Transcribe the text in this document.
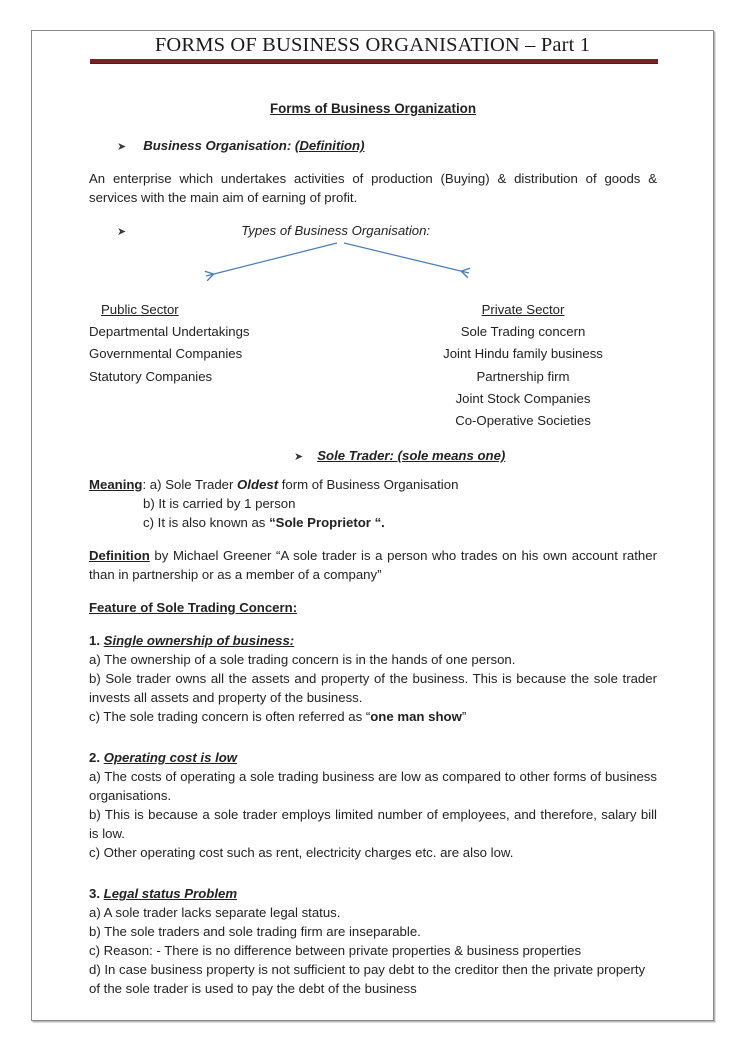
FORMS OF BUSINESS ORGANISATION – Part 1
Forms of Business Organization
➤ Business Organisation: (Definition)

An enterprise which undertakes activities of production (Buying) & distribution of goods & services with the main aim of earning of profit.

➤	Types of Business Organisation:
Public Sector
Departmental Undertakings
Governmental Companies
Statutory Companies
Private Sector
Sole Trading concern
Joint Hindu family business
Partnership firm
Joint Stock Companies
Co-Operative Societies
➤ Sole Trader: (sole means one)
Meaning: a) Sole Trader Oldest form of Business Organisation
b) It is carried by 1 person
c) It is also known as “Sole Proprietor “.

Definition by Michael Greener “A sole trader is a person who trades on his own account rather than in partnership or as a member of a company”

Feature of Sole Trading Concern:
1. Single ownership of business:
a) The ownership of a sole trading concern is in the hands of one person.
b) Sole trader owns all the assets and property of the business. This is because the sole trader invests all assets and property of the business.
c) The sole trading concern is often referred as “one man show”
2. Operating cost is low
a) The costs of operating a sole trading business are low as compared to other forms of business organisations.
b) This is because a sole trader employs limited number of employees, and therefore, salary bill is low.
c) Other operating cost such as rent, electricity charges etc. are also low.
3. Legal status Problem
a) A sole trader lacks separate legal status.
b) The sole traders and sole trading firm are inseparable.
c) Reason: - There is no difference between private properties & business properties
d) In case business property is not sufficient to pay debt to the creditor then the private property of the sole trader is used to pay the debt of the business
